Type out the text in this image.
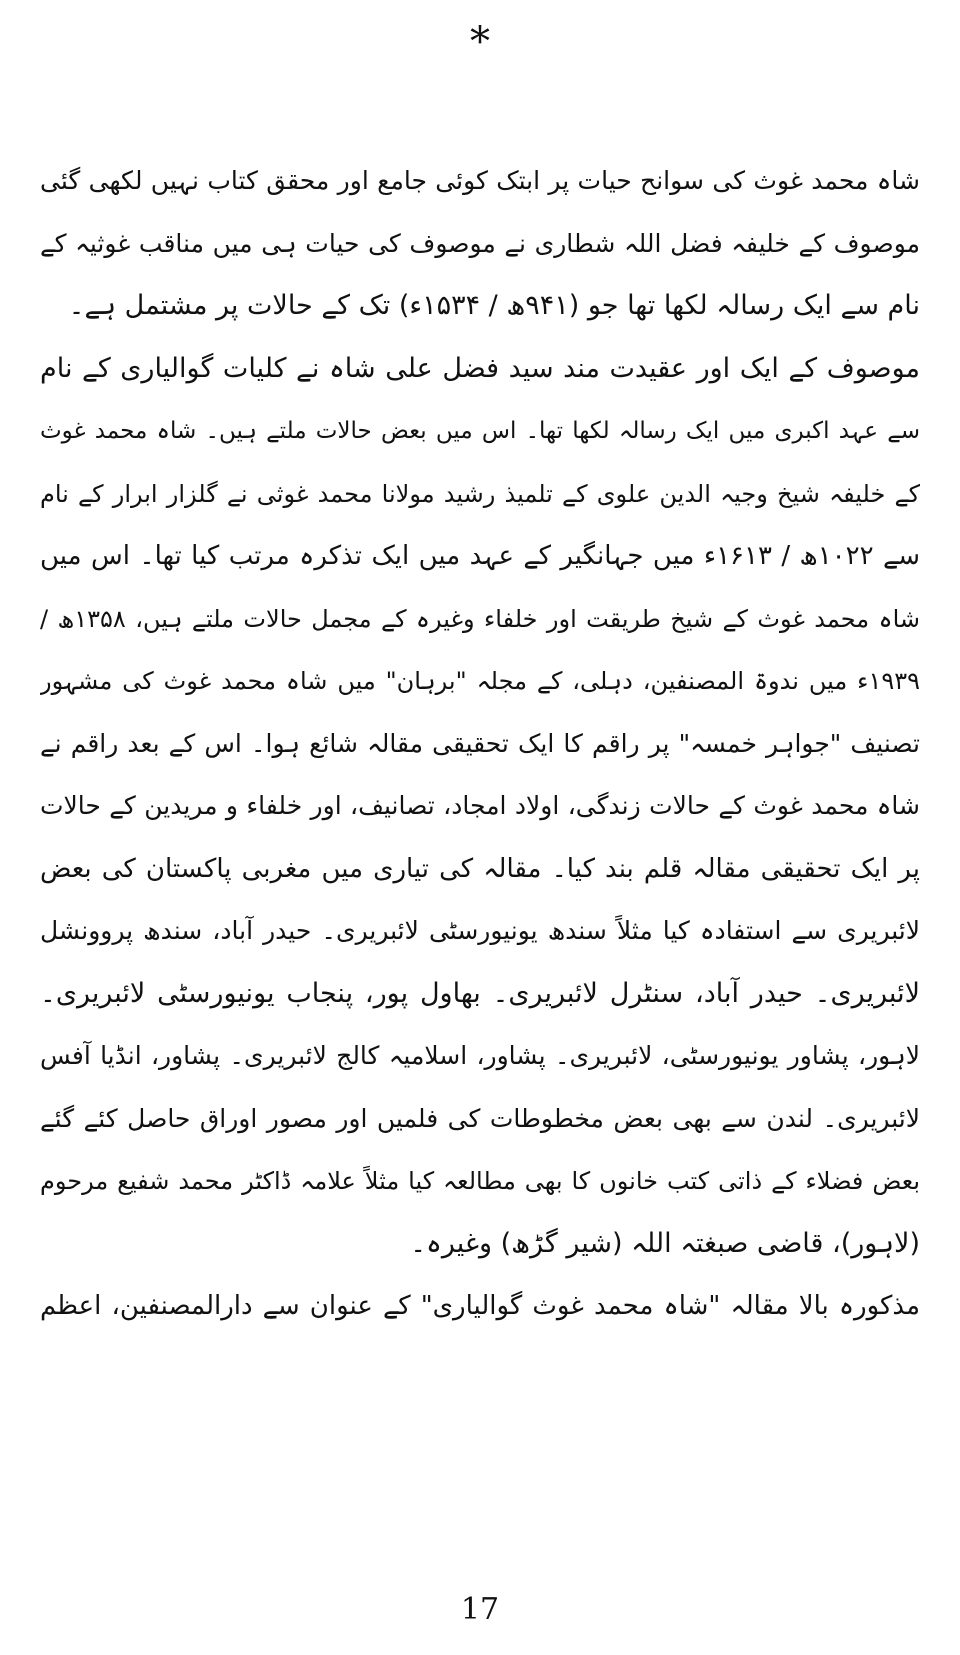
*
شاہ محمد غوث کی سوانح حیات پر ابتک کوئی جامع اور محقق کتاب نہیں لکھی گئی
موصوف کے خلیفہ فضل اللہ شطاری نے موصوف کی حیات ہی میں مناقب غوثیہ کے
نام سے ایک رسالہ لکھا تھا جو (۹۴۱ھ / ۱۵۳۴ء) تک کے حالات پر مشتمل ہے۔
موصوف کے ایک اور عقیدت مند سید فضل علی شاہ نے کلیات گوالیاری کے نام
سے عہد اکبری میں ایک رسالہ لکھا تھا۔ اس میں بعض حالات ملتے ہیں۔ شاہ محمد غوث
کے خلیفہ شیخ وجیہ الدین علوی کے تلمیذ رشید مولانا محمد غوثی نے گلزار ابرار کے نام
سے ۱۰۲۲ھ / ۱۶۱۳ء میں جہانگیر کے عہد میں ایک تذکرہ مرتب کیا تھا۔ اس میں
شاہ محمد غوث کے شیخ طریقت اور خلفاء وغیرہ کے مجمل حالات ملتے ہیں، ۱۳۵۸ھ /
۱۹۳۹ء میں ندوۃ المصنفین، دہلی، کے مجلہ "برہان" میں شاہ محمد غوث کی مشہور
تصنیف "جواہر خمسہ" پر راقم کا ایک تحقیقی مقالہ شائع ہوا۔ اس کے بعد راقم نے
شاہ محمد غوث کے حالات زندگی، اولاد امجاد، تصانیف، اور خلفاء و مریدین کے حالات
پر ایک تحقیقی مقالہ قلم بند کیا۔ مقالہ کی تیاری میں مغربی پاکستان کی بعض
لائبریری سے استفادہ کیا مثلاً سندھ یونیورسٹی لائبریری۔ حیدر آباد، سندھ پروونشل
لائبریری۔ حیدر آباد، سنٹرل لائبریری۔ بھاول پور، پنجاب یونیورسٹی لائبریری۔
لاہور، پشاور یونیورسٹی، لائبریری۔ پشاور، اسلامیہ کالج لائبریری۔ پشاور، انڈیا آفس
لائبریری۔ لندن سے بھی بعض مخطوطات کی فلمیں اور مصور اوراق حاصل کئے گئے
بعض فضلاء کے ذاتی کتب خانوں کا بھی مطالعہ کیا مثلاً علامہ ڈاکٹر محمد شفیع مرحوم
(لاہور)، قاضی صبغتہ اللہ (شیر گڑھ) وغیرہ۔
مذکورہ بالا مقالہ "شاہ محمد غوث گوالیاری" کے عنوان سے دارالمصنفین، اعظم
17
